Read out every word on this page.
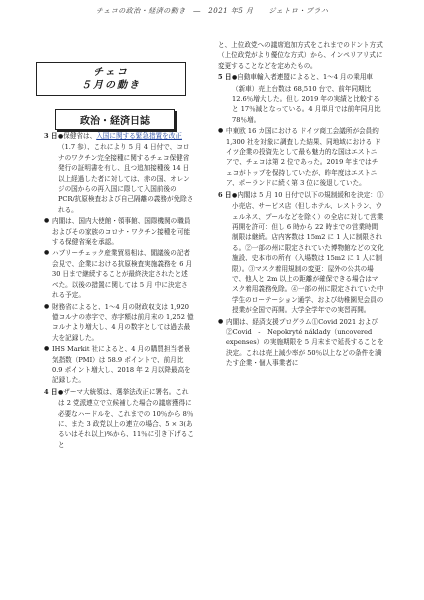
チェコの政治・経済の動き　―　2021 年5 月　　ジェトロ・プラハ
チェコ
５月の動き
政治・経済日誌
3 日 ●保健省は、入国に関する緊急措置を改正（1.7 参）、これにより 5 月 4 日付で、コロナのワクチン完全接種に関するチェコ保健省発行の証明書を有し、且つ追加接種後 14 日以上経過した者に対しては、赤の国、オレンジの国からの再入国に際して入国前後の PCR/抗原検査および自己隔離の義務が免除される。
● 内閣は、国内大使館・領事館、国際機関の職員およびその家族のコロナ・ワクチン接種を可能する保健省案を承認。
● ハブリーチェック産業貿易相は、閣議後の記者会見で、企業における抗原検査実施義務を 6 月 30 日まで継続することが最終決定されたと述べた。以後の措置に関しては 5 月 中に決定される予定。
● 財務省によると、1〜4 月の財政収支は 1,920 億コルナの赤字で、赤字額は前月末の 1,252 億コルナより増大し、4 月の数字としては過去最大を記録した。
● IHS Markit 社によると、4 月の購買担当者景気指数（PMI）は 58.9 ポイントで、前月比 0.9 ポイント増大し、2018 年 2 月以降最高を記録した。
4 日 ●ザーマ大統領は、選挙法改正に署名。これは 2 党派連立で立候補した場合の議席獲得に必要なハードルを、これまでの 10％から 8％に、また 3 政党以上の連立の場合、5 × 3(あるいはそれ以上)%から、11％に引き下げること
と、上位政党への議席追加方式をこれまでのドント方式（上位政党がより優位な方式）から、インペリアリ式に変更することなどを定めたもの。
5 日 ●自動車輸入者連盟によると、1〜4 月の乗用車（新車）売上台数は 68,510 台で、前年同期比 12.6％増大した。但し 2019 年の実績と比較すると 17％減となっている。4 月単月では前年同月比 78％増。
● 中東欧 16 カ国における ドイツ商工会議所が会員約 1,300 社を対象に調査した結果、同地域における ドイツ企業の投資先として最も魅力的な国はエストニアで、チェコは第 2 位であった。2019 年まではチェコがトップを保持していたが、昨年度はエストニア、ポーランドに続く第 3 位に後退していた。
6 日 ●内閣は 5 月 10 日付で以下の規制緩和を決定：①小売店、サービス店（但しホテル、レストラン、ウェルネス、プールなどを除く）の全店に対して営業再開を許可：但し 6 時から 22 時までの営業時間制限は継続。店内客数は 15m2 に 1 人に制限される。②一部の州に限定されていた博物館などの文化施設、史本市の所有（入場数は 15m2 に 1 人に制限）。③マスク着用規制の変更：屋外の公共の場で、他人と 2m 以上の距離が確保できる場合はマスク着用義務免除。④一部の州に限定されていた中学生のローテーション通学、および幼稚園児会員の授業が全国で再開。大学全学年での実習再開。
● 内閣は、経済支援プログラム①Covid 2021 および②Covid　-　Nepokryté náklady（uncovered expenses）の実施期限を 5 月末まで延長することを決定。これは売上減少率が 50％以上などの条件を満たす企業・個人事業者に
